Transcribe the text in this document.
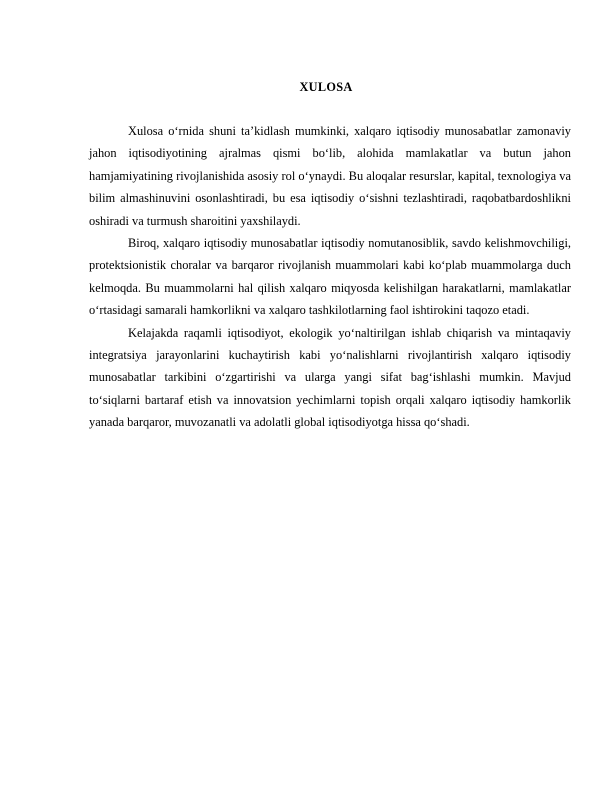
XULOSA

Xulosa o‘rnida shuni ta’kidlash mumkinki, xalqaro iqtisodiy munosabatlar zamonaviy jahon iqtisodiyotining ajralmas qismi bo‘lib, alohida mamlakatlar va butun jahon hamjamiyatining rivojlanishida asosiy rol o‘ynaydi. Bu aloqalar resurslar, kapital, texnologiya va bilim almashinuvini osonlashtiradi, bu esa iqtisodiy o‘sishni tezlashtiradi, raqobatbardoshlikni oshiradi va turmush sharoitini yaxshilaydi.

Biroq, xalqaro iqtisodiy munosabatlar iqtisodiy nomutanosiblik, savdo kelishmovchiligi, protektsionistik choralar va barqaror rivojlanish muammolari kabi ko‘plab muammolarga duch kelmoqda. Bu muammolarni hal qilish xalqaro miqyosda kelishilgan harakatlarni, mamlakatlar o‘rtasidagi samarali hamkorlikni va xalqaro tashkilotlarning faol ishtirokini taqozo etadi.

Kelajakda raqamli iqtisodiyot, ekologik yo‘naltirilgan ishlab chiqarish va mintaqaviy integratsiya jarayonlarini kuchaytirish kabi yo‘nalishlarni rivojlantirish xalqaro iqtisodiy munosabatlar tarkibini o‘zgartirishi va ularga yangi sifat bag‘ishlashi mumkin. Mavjud to‘siqlarni bartaraf etish va innovatsion yechimlarni topish orqali xalqaro iqtisodiy hamkorlik yanada barqaror, muvozanatli va adolatli global iqtisodiyotga hissa qo‘shadi.
